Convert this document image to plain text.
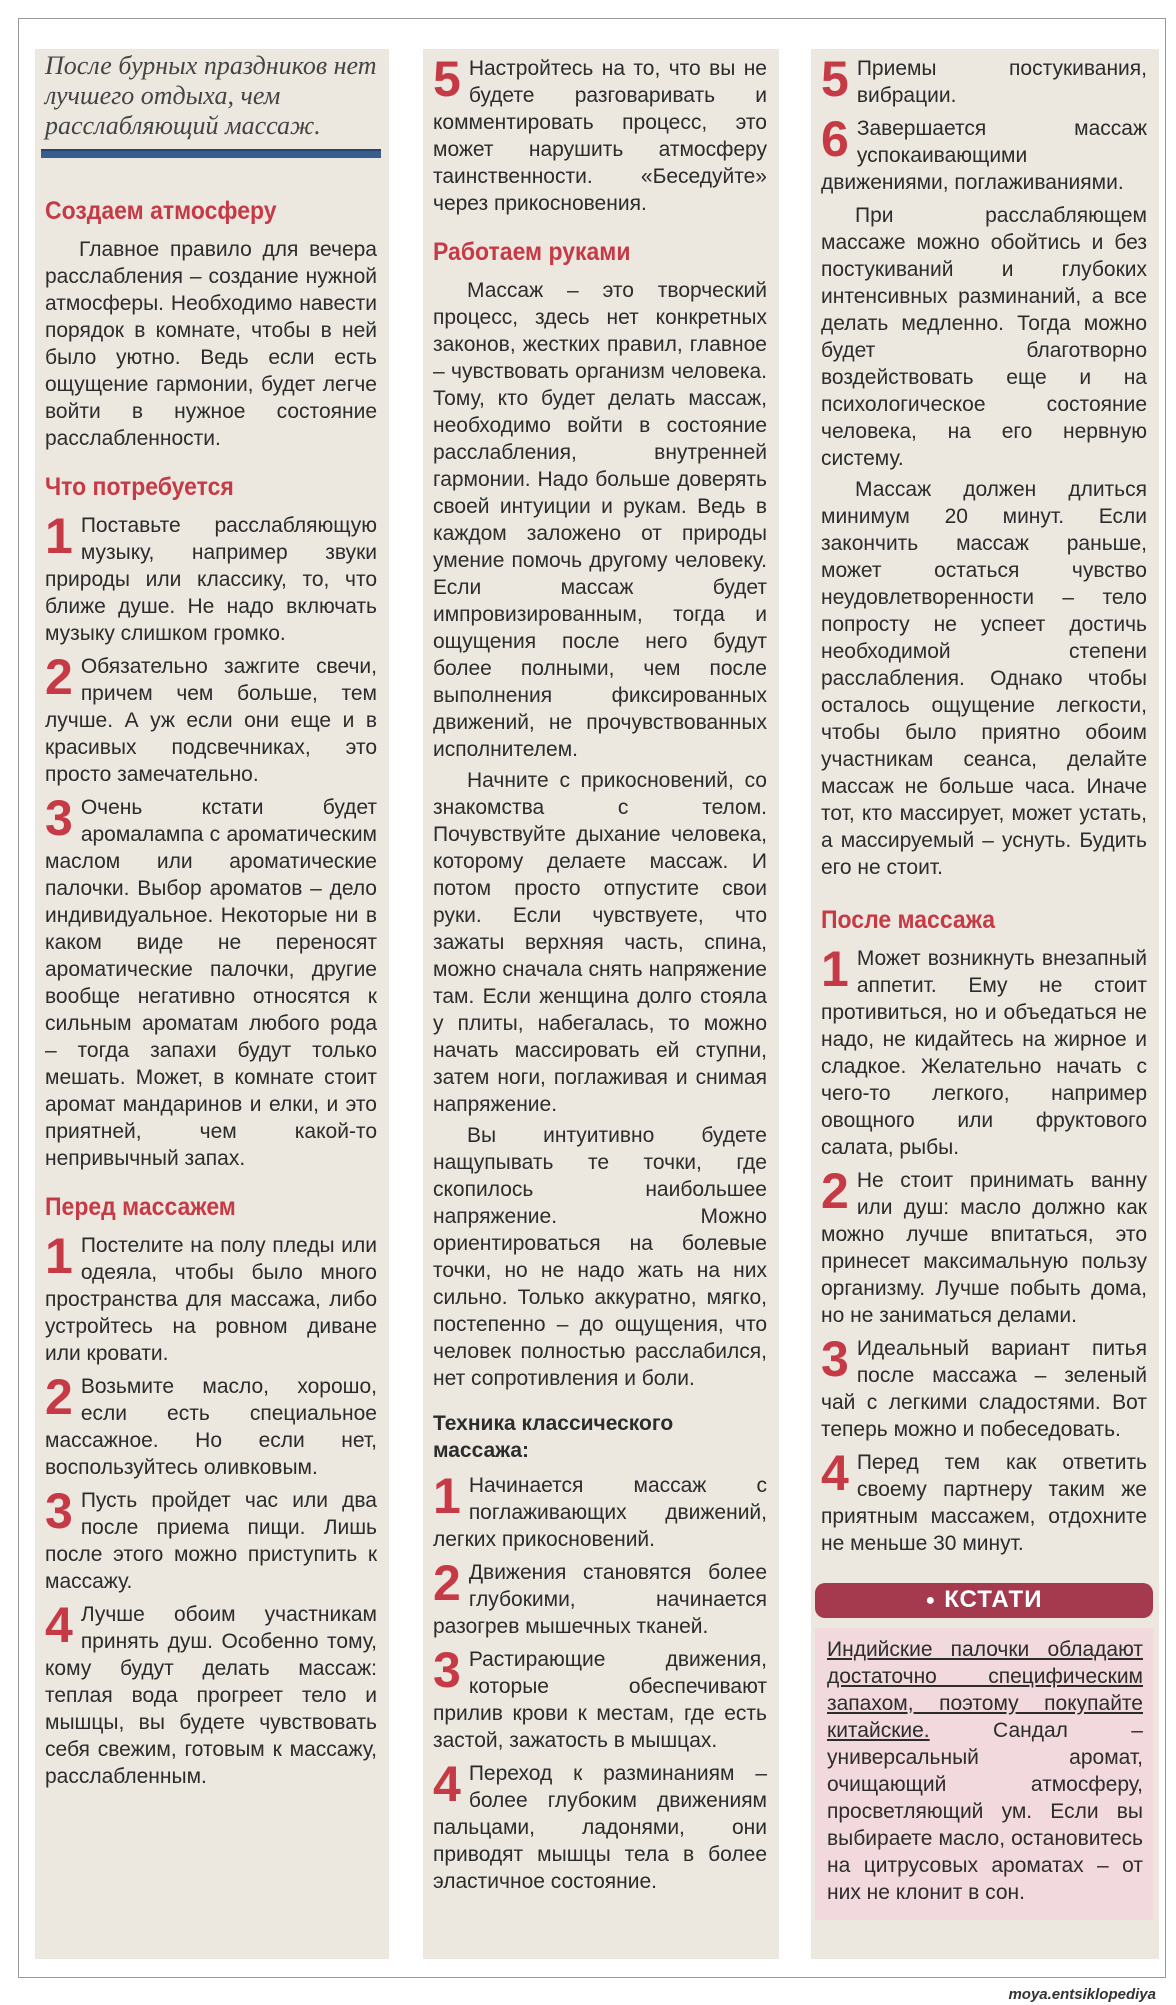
После бурных праздников нет лучшего отдыха, чем расслабляющий массаж.
Создаем атмосферу

Главное правило для вечера расслабления – создание нужной атмосферы. Необходимо навести порядок в комнате, чтобы в ней было уютно. Ведь если есть ощущение гармонии, будет легче войти в нужное состояние расслабленности.

Что потребуется
1 Поставьте расслабляющую музыку, например звуки природы или классику, то, что ближе душе. Не надо включать музыку слишком громко.
2 Обязательно зажгите свечи, причем чем больше, тем лучше. А уж если они еще и в красивых подсвечниках, это просто замечательно.
3 Очень кстати будет аромалампа с ароматическим маслом или ароматические палочки. Выбор ароматов – дело индивидуальное. Некоторые ни в каком виде не переносят ароматические палочки, другие вообще негативно относятся к сильным ароматам любого рода – тогда запахи будут только мешать. Может, в комнате стоит аромат мандаринов и елки, и это приятней, чем какой-то непривычный запах.
Перед массажем
1 Постелите на полу пледы или одеяла, чтобы было много пространства для массажа, либо устройтесь на ровном диване или кровати.
2 Возьмите масло, хорошо, если есть специальное массажное. Но если нет, воспользуйтесь оливковым.
3 Пусть пройдет час или два после приема пищи. Лишь после этого можно приступить к массажу.
4 Лучше обоим участникам принять душ. Особенно тому, кому будут делать массаж: теплая вода прогреет тело и мышцы, вы будете чувствовать себя свежим, готовым к массажу, расслабленным.
5 Настройтесь на то, что вы не будете разговаривать и комментировать процесс, это может нарушить атмосферу таинственности. «Беседуйте» через прикосновения.
Работаем руками

Массаж – это творческий процесс, здесь нет конкретных законов, жестких правил, главное – чувствовать организм человека. Тому, кто будет делать массаж, необходимо войти в состояние расслабления, внутренней гармонии. Надо больше доверять своей интуиции и рукам. Ведь в каждом заложено от природы умение помочь другому человеку. Если массаж будет импровизированным, тогда и ощущения после него будут более полными, чем после выполнения фиксированных движений, не прочувствованных исполнителем.

Начните с прикосновений, со знакомства с телом. Почувствуйте дыхание человека, которому делаете массаж. И потом просто отпустите свои руки. Если чувствуете, что зажаты верхняя часть, спина, можно сначала снять напряжение там. Если женщина долго стояла у плиты, набегалась, то можно начать массировать ей ступни, затем ноги, поглаживая и снимая напряжение.

Вы интуитивно будете нащупывать те точки, где скопилось наибольшее напряжение. Можно ориентироваться на болевые точки, но не надо жать на них сильно. Только аккуратно, мягко, постепенно – до ощущения, что человек полностью расслабился, нет сопротивления и боли.

Техника классического массажа:
1 Начинается массаж с поглаживающих движений, легких прикосновений.
2 Движения становятся более глубокими, начинается разогрев мышечных тканей.
3 Растирающие движения, которые обеспечивают прилив крови к местам, где есть застой, зажатость в мышцах.
4 Переход к разминаниям – более глубоким движениям пальцами, ладонями, они приводят мышцы тела в более эластичное состояние.
5 Приемы постукивания, вибрации.
6 Завершается массаж успокаивающими движениями, поглаживаниями.

При расслабляющем массаже можно обойтись и без постукиваний и глубоких интенсивных разминаний, а все делать медленно. Тогда можно будет благотворно воздействовать еще и на психологическое состояние человека, на его нервную систему.

Массаж должен длиться минимум 20 минут. Если закончить массаж раньше, может остаться чувство неудовлетворенности – тело попросту не успеет достичь необходимой степени расслабления. Однако чтобы осталось ощущение легкости, чтобы было приятно обоим участникам сеанса, делайте массаж не больше часа. Иначе тот, кто массирует, может устать, а массируемый – уснуть. Будить его не стоит.

После массажа
1 Может возникнуть внезапный аппетит. Ему не стоит противиться, но и объедаться не надо, не кидайтесь на жирное и сладкое. Желательно начать с чего-то легкого, например овощного или фруктового салата, рыбы.
2 Не стоит принимать ванну или душ: масло должно как можно лучше впитаться, это принесет максимальную пользу организму. Лучше побыть дома, но не заниматься делами.
3 Идеальный вариант питья после массажа – зеленый чай с легкими сладостями. Вот теперь можно и побеседовать.
4 Перед тем как ответить своему партнеру таким же приятным массажем, отдохните не меньше 30 минут.
● КСТАТИ

Индийские палочки обладают достаточно специфическим запахом, поэтому покупайте китайские.	Сандал – универсальный аромат, очищающий атмосферу, просветляющий ум. Если вы выбираете масло, остановитесь на цитрусовых ароматах – от них не клонит в сон.

moya.entsiklopediya
